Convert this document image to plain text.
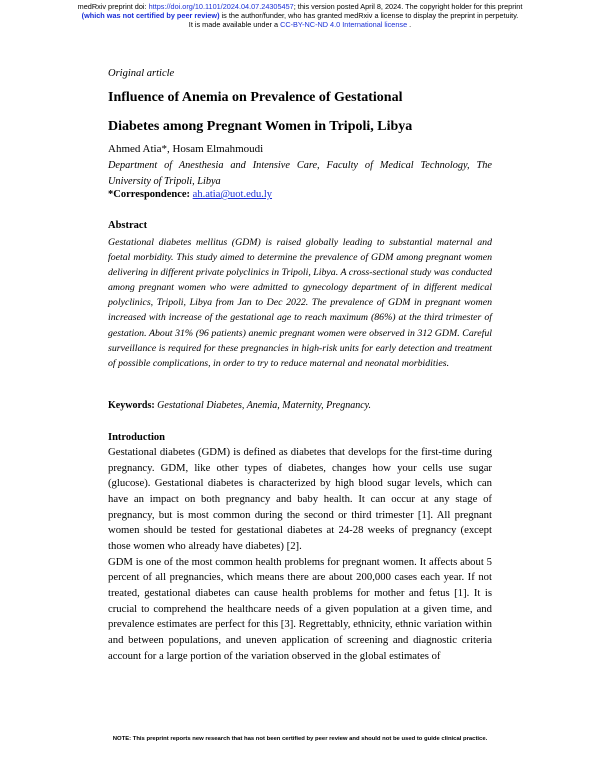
medRxiv preprint doi: https://doi.org/10.1101/2024.04.07.24305457; this version posted April 8, 2024. The copyright holder for this preprint
(which was not certified by peer review) is the author/funder, who has granted medRxiv a license to display the preprint in perpetuity.
It is made available under a CC-BY-NC-ND 4.0 International license .
Original article
Influence of Anemia on Prevalence of Gestational
Diabetes among Pregnant Women in Tripoli, Libya
Ahmed Atia*, Hosam Elmahmoudi
Department of Anesthesia and Intensive Care, Faculty of Medical Technology, The University of Tripoli, Libya
*Correspondence: ah.atia@uot.edu.ly
Abstract
Gestational diabetes mellitus (GDM) is raised globally leading to substantial maternal and foetal morbidity. This study aimed to determine the prevalence of GDM among pregnant women delivering in different private polyclinics in Tripoli, Libya. A cross-sectional study was conducted among pregnant women who were admitted to gynecology department of in different medical polyclinics, Tripoli, Libya from Jan to Dec 2022. The prevalence of GDM in pregnant women increased with increase of the gestational age to reach maximum (86%) at the third trimester of gestation. About 31% (96 patients) anemic pregnant women were observed in 312 GDM. Careful surveillance is required for these pregnancies in high-risk units for early detection and treatment of possible complications, in order to try to reduce maternal and neonatal morbidities.
Keywords: Gestational Diabetes, Anemia, Maternity, Pregnancy.
Introduction

Gestational diabetes (GDM) is defined as diabetes that develops for the first-time during pregnancy. GDM, like other types of diabetes, changes how your cells use sugar (glucose). Gestational diabetes is characterized by high blood sugar levels, which can have an impact on both pregnancy and baby health. It can occur at any stage of pregnancy, but is most common during the second or third trimester [1]. All pregnant women should be tested for gestational diabetes at 24-28 weeks of pregnancy (except those women who already have diabetes) [2].

GDM is one of the most common health problems for pregnant women. It affects about 5 percent of all pregnancies, which means there are about 200,000 cases each year. If not treated, gestational diabetes can cause health problems for mother and fetus [1]. It is crucial to comprehend the healthcare needs of a given population at a given time, and prevalence estimates are perfect for this [3]. Regrettably, ethnicity, ethnic variation within and between populations, and uneven application of screening and diagnostic criteria account for a large portion of the variation observed in the global estimates of

NOTE: This preprint reports new research that has not been certified by peer review and should not be used to guide clinical practice.
